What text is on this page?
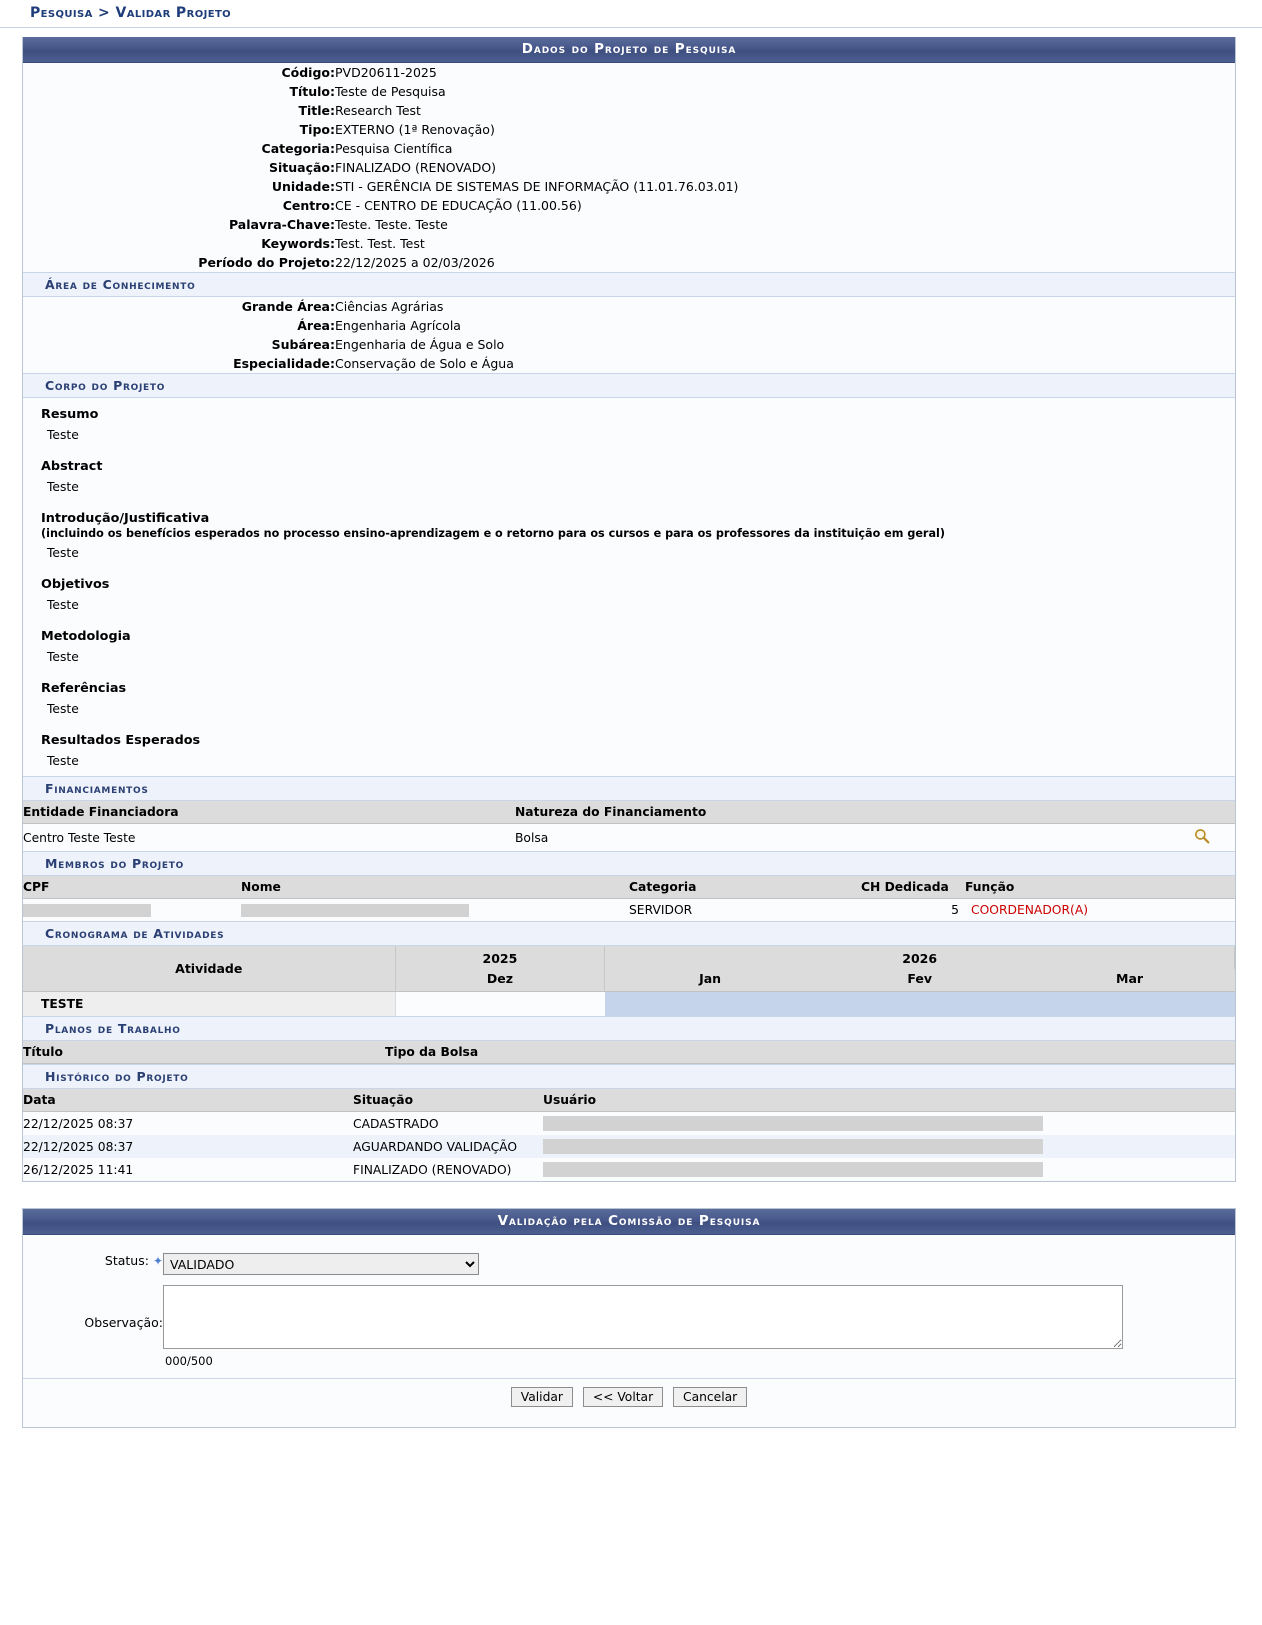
Pesquisa > Validar Projeto
Dados do Projeto de Pesquisa
Código:	PVD20611-2025
Título:	Teste de Pesquisa
Title:	Research Test
Tipo:	EXTERNO (1ª Renovação)
Categoria:	Pesquisa Científica
Situação:	FINALIZADO (RENOVADO)
Unidade:	STI - GERÊNCIA DE SISTEMAS DE INFORMAÇÃO (11.01.76.03.01)
Centro:	CE - CENTRO DE EDUCAÇÃO (11.00.56)
Palavra-Chave:	Teste. Teste. Teste
Keywords:	Test. Test. Test
Período do Projeto:	22/12/2025 a 02/03/2026
Área de Conhecimento
Grande Área:	Ciências Agrárias
Área:	Engenharia Agrícola
Subárea:	Engenharia de Água e Solo
Especialidade:	Conservação de Solo e Água
Corpo do Projeto
Resumo
Teste
Abstract
Teste
Introdução/Justificativa
(incluindo os benefícios esperados no processo ensino-aprendizagem e o retorno para os cursos e para os professores da instituição em geral)
Teste
Objetivos
Teste
Metodologia
Teste
Referências
Teste
Resultados Esperados
Teste
Financiamentos
Entidade Financiadora	Natureza do Financiamento	
Centro Teste Teste	Bolsa	
Membros do Projeto
CPF	Nome	Categoria	CH Dedicada	Função
		SERVIDOR	5	COORDENADOR(A)
Cronograma de Atividades
Atividade	2025	2026		
	Dez	Jan	Fev	Mar
TESTE				
Planos de Trabalho
Título	Tipo da Bolsa
Histórico do Projeto
Data	Situação	Usuário
22/12/2025 08:37	CADASTRADO	
22/12/2025 08:37	AGUARDANDO VALIDAÇÃO	
26/12/2025 11:41	FINALIZADO (RENOVADO)	
Validação pela Comissão de Pesquisa
Status: ✦	
VALIDADO

Observação:	000/500
Validar << Voltar Cancelar
